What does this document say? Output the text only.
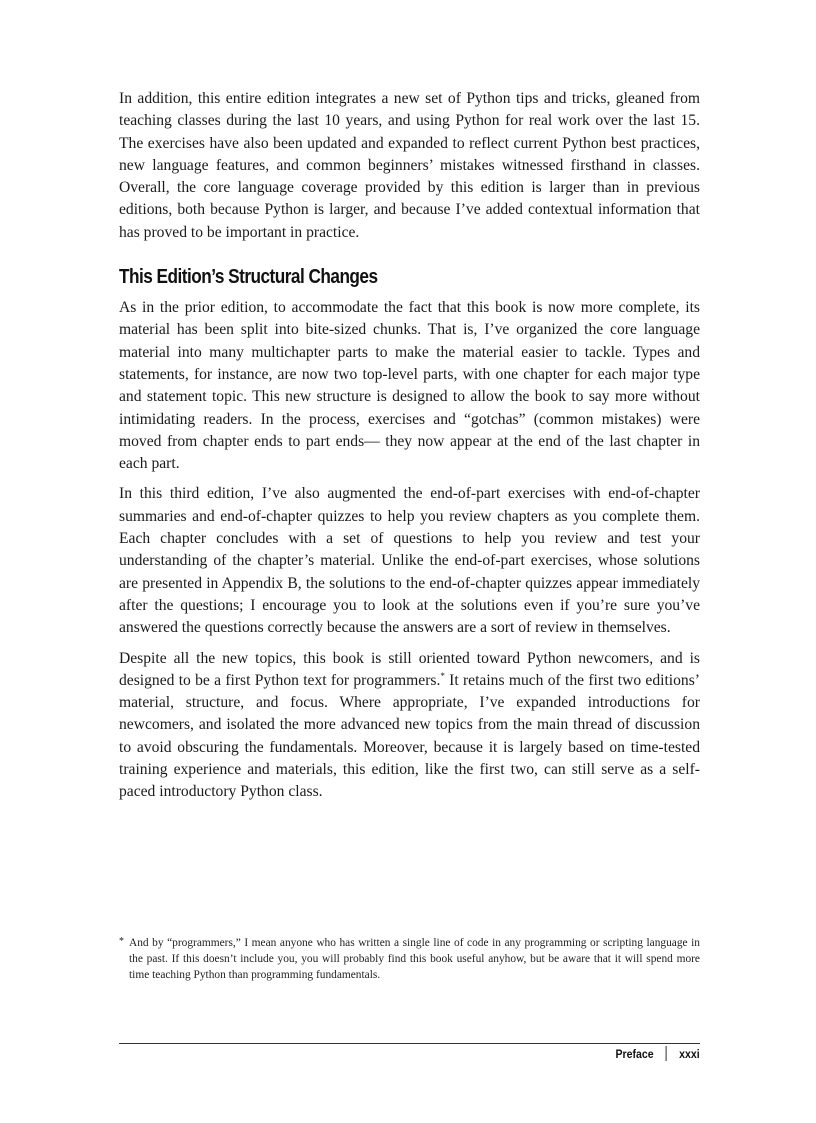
In addition, this entire edition integrates a new set of Python tips and tricks, gleaned from teaching classes during the last 10 years, and using Python for real work over the last 15. The exercises have also been updated and expanded to reflect current Python best practices, new language features, and common beginners’ mistakes witnessed firsthand in classes. Overall, the core language coverage provided by this edition is larger than in previous editions, both because Python is larger, and because I’ve added contextual information that has proved to be important in practice.

This Edition’s Structural Changes

As in the prior edition, to accommodate the fact that this book is now more complete, its material has been split into bite-sized chunks. That is, I’ve organized the core language material into many multichapter parts to make the material easier to tackle. Types and statements, for instance, are now two top-level parts, with one chapter for each major type and statement topic. This new structure is designed to allow the book to say more without intimidating readers. In the process, exercises and “gotchas” (common mistakes) were moved from chapter ends to part ends— they now appear at the end of the last chapter in each part.

In this third edition, I’ve also augmented the end-of-part exercises with end-of-chapter summaries and end-of-chapter quizzes to help you review chapters as you complete them. Each chapter concludes with a set of questions to help you review and test your understanding of the chapter’s material. Unlike the end-of-part exercises, whose solutions are presented in Appendix B, the solutions to the end-of-chapter quizzes appear immediately after the questions; I encourage you to look at the solutions even if you’re sure you’ve answered the questions correctly because the answers are a sort of review in themselves.

Despite all the new topics, this book is still oriented toward Python newcomers, and is designed to be a first Python text for programmers.* It retains much of the first two editions’ material, structure, and focus. Where appropriate, I’ve expanded introductions for newcomers, and isolated the more advanced new topics from the main thread of discussion to avoid obscuring the fundamentals. Moreover, because it is largely based on time-tested training experience and materials, this edition, like the first two, can still serve as a self-paced introductory Python class.

* And by “programmers,” I mean anyone who has written a single line of code in any programming or scripting language in the past. If this doesn’t include you, you will probably find this book useful anyhow, but be aware that it will spend more time teaching Python than programming fundamentals.
Preface xxxi
